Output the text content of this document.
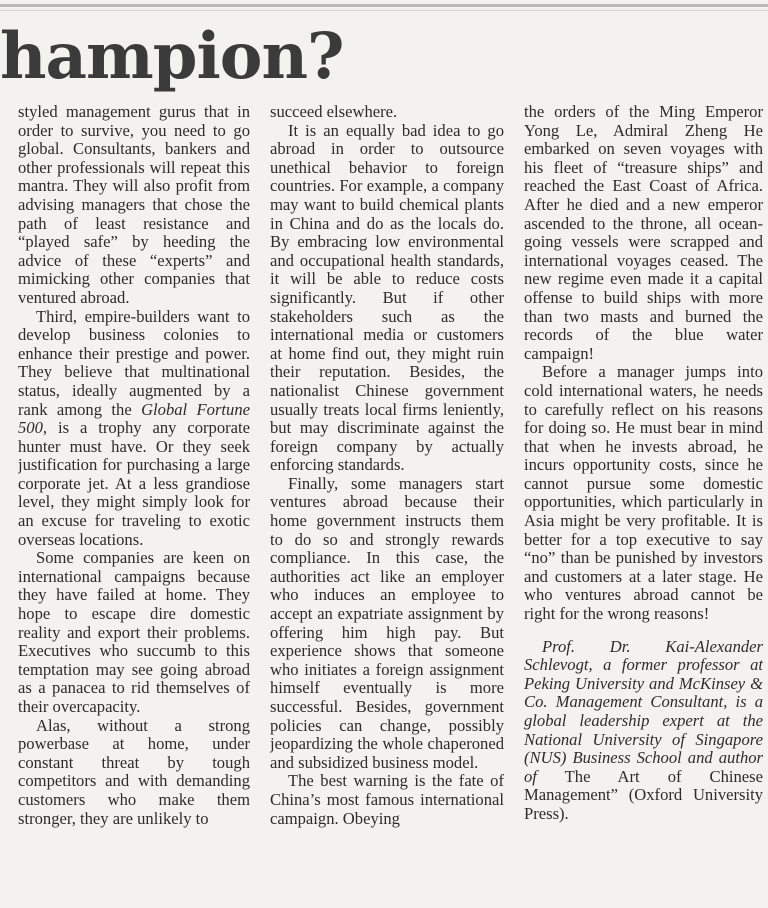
hampion?

styled management gurus that in order to survive, you need to go global. Consultants, bankers and other professionals will repeat this mantra. They will also profit from advising managers that chose the path of least resistance and “played safe” by heeding the advice of these “experts” and mimicking other companies that ventured abroad.

Third, empire-builders want to develop business colonies to enhance their prestige and power. They believe that multinational status, ideally augmented by a rank among the Global Fortune 500, is a trophy any corporate hunter must have. Or they seek justification for purchasing a large corporate jet. At a less grandiose level, they might simply look for an excuse for traveling to exotic overseas locations.

Some companies are keen on international campaigns because they have failed at home. They hope to escape dire domestic reality and export their problems. Executives who succumb to this temptation may see going abroad as a panacea to rid themselves of their overcapacity.

Alas, without a strong powerbase at home, under constant threat by tough competitors and with demanding customers who make them stronger, they are unlikely to

succeed elsewhere.

It is an equally bad idea to go abroad in order to outsource unethical behavior to foreign countries. For example, a company may want to build chemical plants in China and do as the locals do. By embracing low environmental and occupational health standards, it will be able to reduce costs significantly. But if other stakeholders such as the international media or customers at home find out, they might ruin their reputation. Besides, the nationalist Chinese government usually treats local firms leniently, but may discriminate against the foreign company by actually enforcing standards.

Finally, some managers start ventures abroad because their home government instructs them to do so and strongly rewards compliance. In this case, the authorities act like an employer who induces an employee to accept an expatriate assignment by offering him high pay. But experience shows that someone who initiates a foreign assignment himself eventually is more successful. Besides, government policies can change, possibly jeopardizing the whole chaperoned and subsidized business model.

The best warning is the fate of China’s most famous international campaign. Obeying

the orders of the Ming Emperor Yong Le, Admiral Zheng He embarked on seven voyages with his fleet of “treasure ships” and reached the East Coast of Africa. After he died and a new emperor ascended to the throne, all ocean-going vessels were scrapped and international voyages ceased. The new regime even made it a capital offense to build ships with more than two masts and burned the records of the blue water campaign!

Before a manager jumps into cold international waters, he needs to carefully reflect on his reasons for doing so. He must bear in mind that when he invests abroad, he incurs opportunity costs, since he cannot pursue some domestic opportunities, which particularly in Asia might be very profitable. It is better for a top executive to say “no” than be punished by investors and customers at a later stage. He who ventures abroad cannot be right for the wrong reasons!

Prof. Dr. Kai-Alexander Schlevogt, a former professor at Peking University and McKinsey & Co. Management Consultant, is a global leadership expert at the National University of Singapore (NUS) Business School and author of The Art of Chinese Management” (Oxford University Press).
